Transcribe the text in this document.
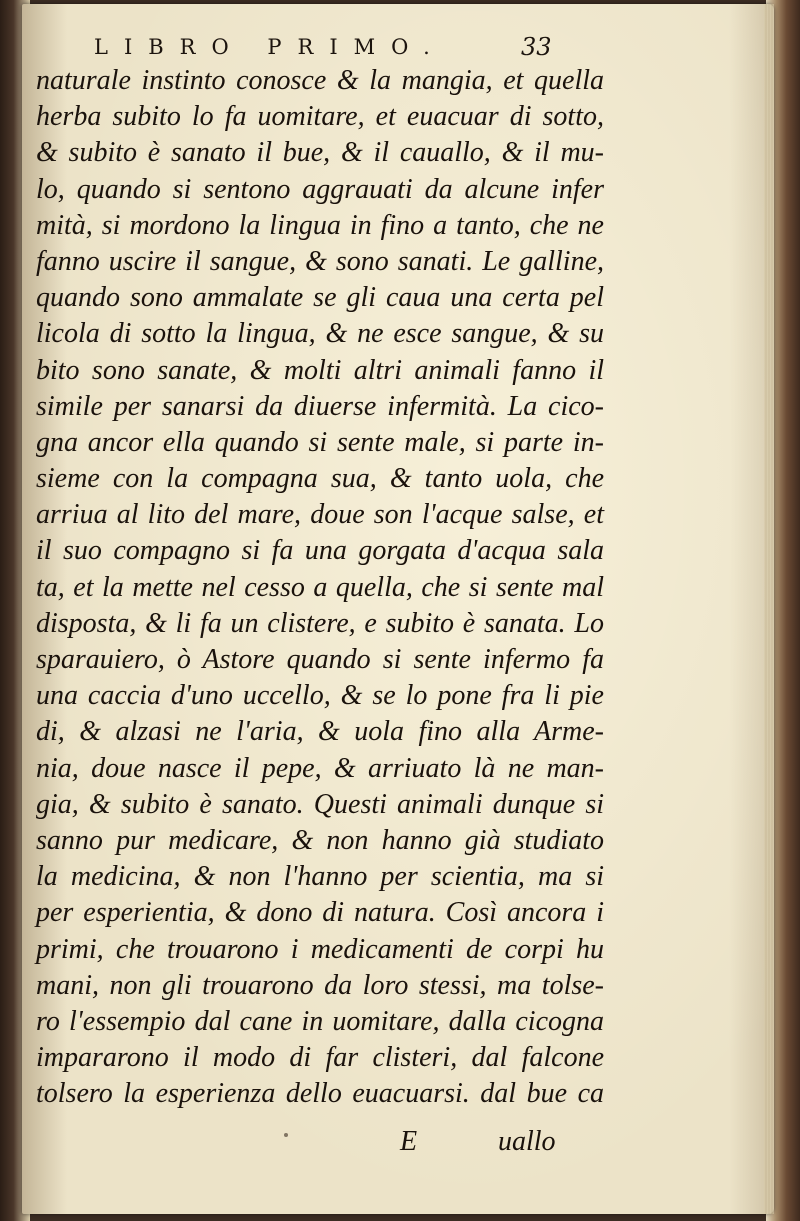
LIBRO PRIMO.	33
naturale instinto conosce & la mangia, et quella
herba subito lo fa uomitare, et euacuar di sotto,
& subito è sanato il bue, & il cauallo, & il mu-
lo, quando si sentono aggrauati da alcune infer
mità, si mordono la lingua in fino a tanto, che ne
fanno uscire il sangue, & sono sanati. Le galline,
quando sono ammalate se gli caua una certa pel
licola di sotto la lingua, & ne esce sangue, & su
bito sono sanate, & molti altri animali fanno il
simile per sanarsi da diuerse infermità. La cico-
gna ancor ella quando si sente male, si parte in-
sieme con la compagna sua, & tanto uola, che
arriua al lito del mare, doue son l'acque salse, et
il suo compagno si fa una gorgata d'acqua sala
ta, et la mette nel cesso a quella, che si sente mal
disposta, & li fa un clistere, e subito è sanata. Lo
sparauiero, ò Astore quando si sente infermo fa
una caccia d'uno uccello, & se lo pone fra li pie
di, & alzasi ne l'aria, & uola fino alla Arme-
nia, doue nasce il pepe, & arriuato là ne man-
gia, & subito è sanato. Questi animali dunque si
sanno pur medicare, & non hanno già studiato
la medicina, & non l'hanno per scientia, ma si
per esperientia, & dono di natura. Così ancora i
primi, che trouarono i medicamenti de corpi hu
mani, non gli trouarono da loro stessi, ma tolse-
ro l'essempio dal cane in uomitare, dalla cicogna
impararono il modo di far clisteri, dal falcone
tolsero la esperienza dello euacuarsi. dal bue ca
E	uallo
